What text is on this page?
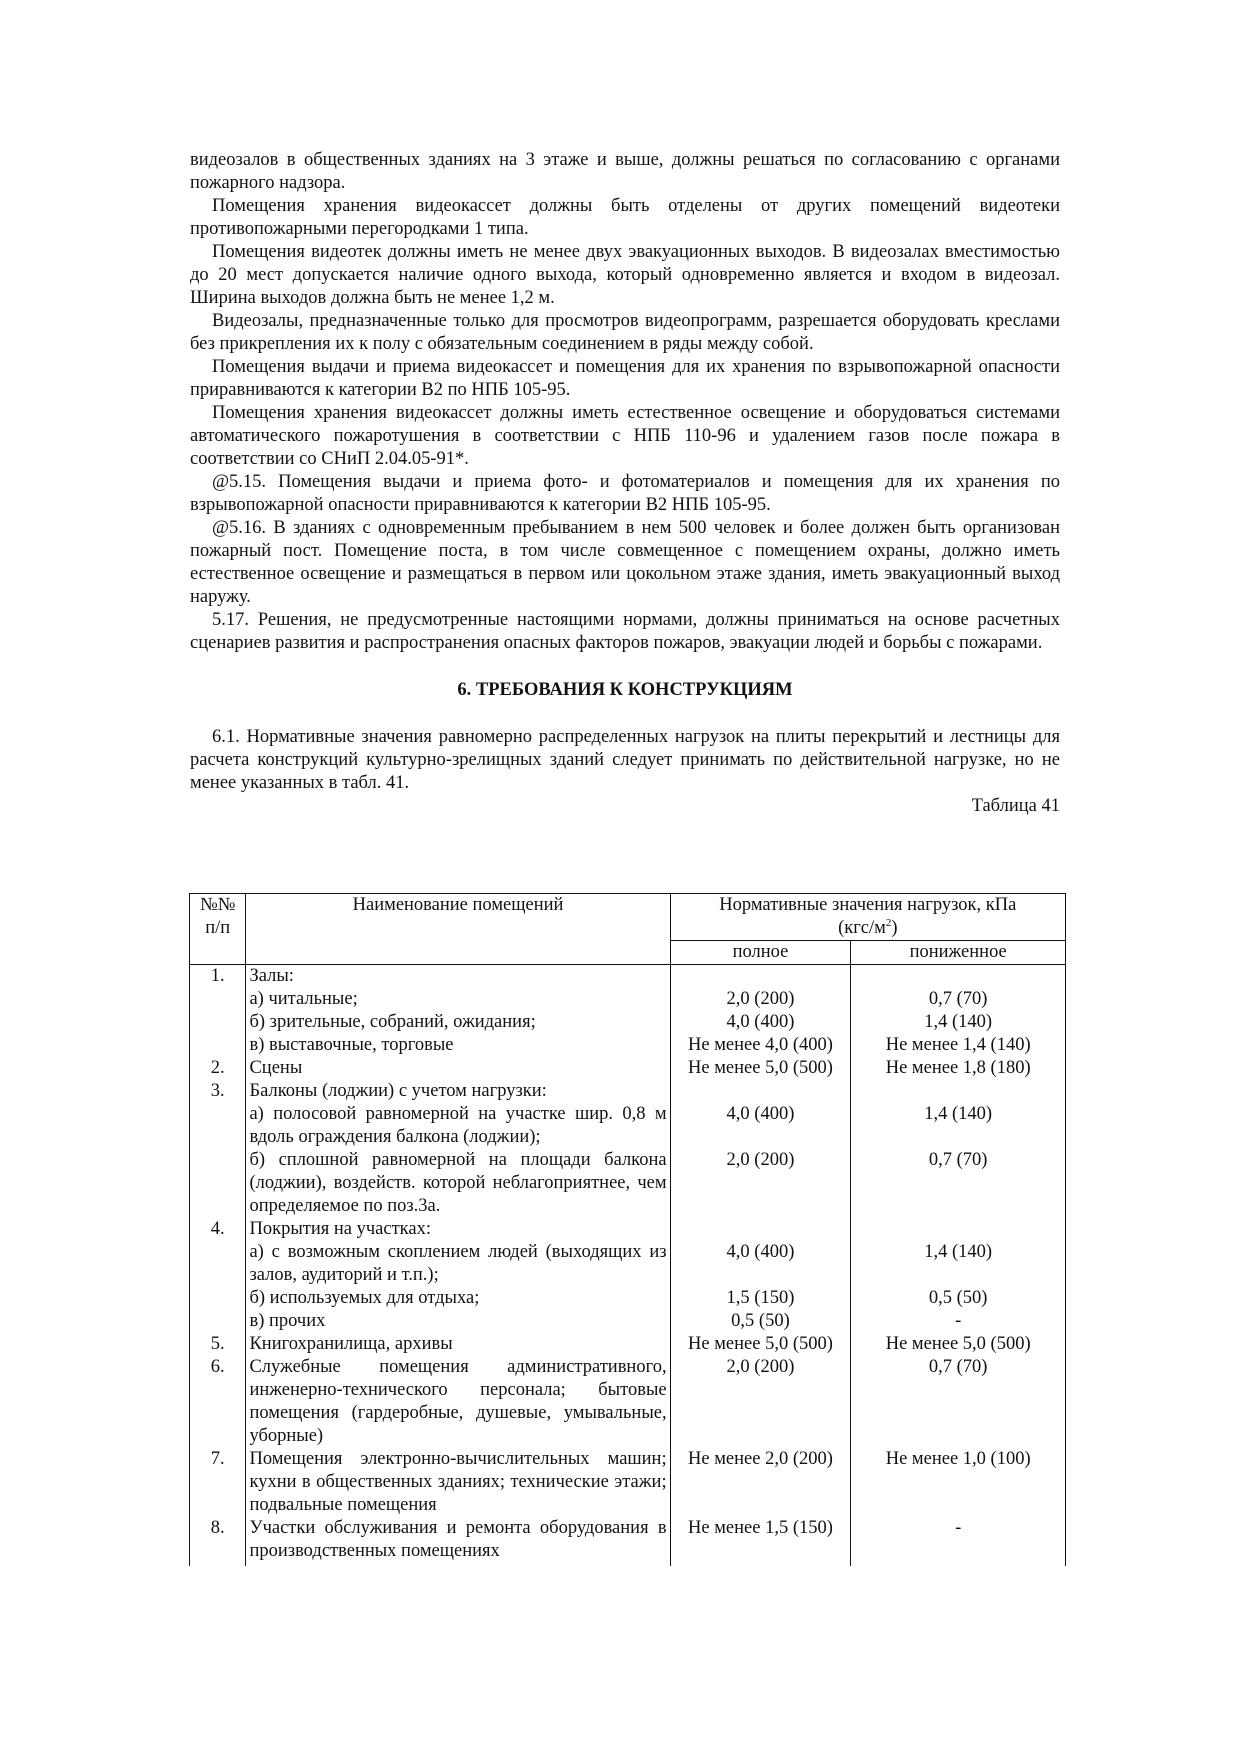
видеозалов в общественных зданиях на 3 этаже и выше, должны решаться по согласованию с органами пожарного надзора.

Помещения хранения видеокассет должны быть отделены от других помещений видеотеки противопожарными перегородками 1 типа.

Помещения видеотек должны иметь не менее двух эвакуационных выходов. В видеозалах вместимостью до 20 мест допускается наличие одного выхода, который одновременно является и входом в видеозал. Ширина выходов должна быть не менее 1,2 м.

Видеозалы, предназначенные только для просмотров видеопрограмм, разрешается оборудовать креслами без прикрепления их к полу с обязательным соединением в ряды между собой.

Помещения выдачи и приема видеокассет и помещения для их хранения по взрывопожарной опасности приравниваются к категории В2 по НПБ 105-95.

Помещения хранения видеокассет должны иметь естественное освещение и оборудоваться системами автоматического пожаротушения в соответствии с НПБ 110-96 и удалением газов после пожара в соответствии со СНиП 2.04.05-91*.

@5.15. Помещения выдачи и приема фото- и фотоматериалов и помещения для их хранения по взрывопожарной опасности приравниваются к категории В2 НПБ 105-95.

@5.16. В зданиях с одновременным пребыванием в нем 500 человек и более должен быть организован пожарный пост. Помещение поста, в том числе совмещенное с помещением охраны, должно иметь естественное освещение и размещаться в первом или цокольном этаже здания, иметь эвакуационный выход наружу.

5.17. Решения, не предусмотренные настоящими нормами, должны приниматься на основе расчетных сценариев развития и распространения опасных факторов пожаров, эвакуации людей и борьбы с пожарами.

6. ТРЕБОВАНИЯ К КОНСТРУКЦИЯМ

6.1. Нормативные значения равномерно распределенных нагрузок на плиты перекрытий и лестницы для расчета конструкций культурно-зрелищных зданий следует принимать по действительной нагрузке, но не менее указанных в табл. 41.

Таблица 41
№№
п/п	Наименование помещений	Нормативные значения нагрузок, кПа
$(кгс/м^2)$	
		полное	пониженное
1.	Залы:		
	а) читальные;	2,0 (200)	0,7 (70)
	б) зрительные, собраний, ожидания;	4,0 (400)	1,4 (140)
	в) выставочные, торговые	Не менее 4,0 (400)	Не менее 1,4 (140)
2.	Сцены	Не менее 5,0 (500)	Не менее 1,8 (180)
3.	Балконы (лоджии) с учетом нагрузки:		
	а) полосовой равномерной на участке шир. 0,8 м вдоль ограждения балкона (лоджии);	4,0 (400)	1,4 (140)
	б) сплошной равномерной на площади балкона (лоджии), воздейств. которой неблагоприятнее, чем определяемое по поз.3а.	2,0 (200)	0,7 (70)
4.	Покрытия на участках:		
	а) с возможным скоплением людей (выходящих из залов, аудиторий и т.п.);	4,0 (400)	1,4 (140)
	б) используемых для отдыха;	1,5 (150)	0,5 (50)
	в) прочих	0,5 (50)	-
5.	Книгохранилища, архивы	Не менее 5,0 (500)	Не менее 5,0 (500)
6.	Служебные помещения административного, инженерно-технического персонала; бытовые помещения (гардеробные, душевые, умывальные, уборные)	2,0 (200)	0,7 (70)
7.	Помещения электронно-вычислительных машин; кухни в общественных зданиях; технические этажи; подвальные помещения	Не менее 2,0 (200)	Не менее 1,0 (100)
8.	Участки обслуживания и ремонта оборудования в производственных помещениях	Не менее 1,5 (150)	-
